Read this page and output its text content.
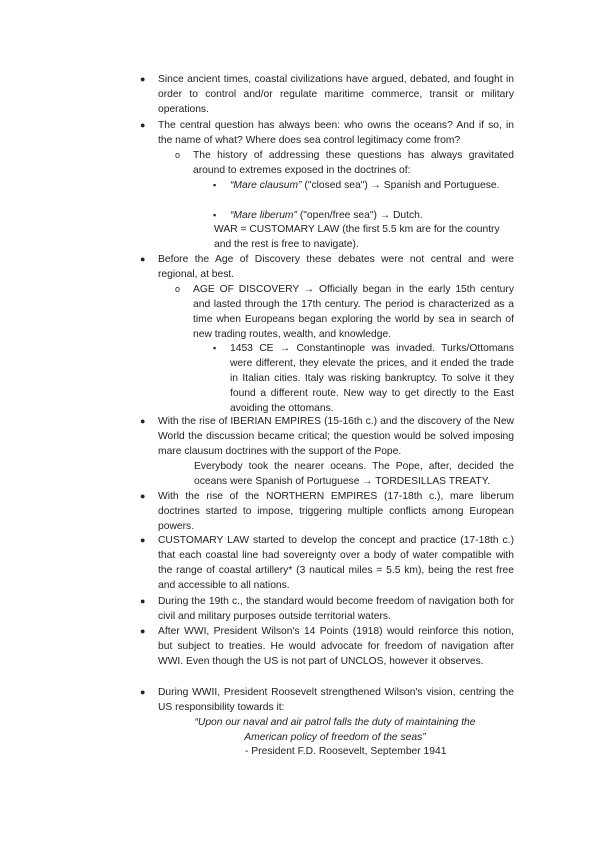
● Since ancient times, coastal civilizations have argued, debated, and fought in order to control and/or regulate maritime commerce, transit or military operations.
● The central question has always been: who owns the oceans? And if so, in the name of what? Where does sea control legitimacy come from?
o The history of addressing these questions has always gravitated around to extremes exposed in the doctrines of:
▪ “Mare clausum” ("closed sea") → Spanish and Portuguese.
▪ “Mare liberum” ("open/free sea") → Dutch.
WAR = CUSTOMARY LAW (the first 5.5 km are for the country and the rest is free to navigate).
● Before the Age of Discovery these debates were not central and were regional, at best.
o AGE OF DISCOVERY → Officially began in the early 15th century and lasted through the 17th century. The period is characterized as a time when Europeans began exploring the world by sea in search of new trading routes, wealth, and knowledge.
▪ 1453 CE → Constantinople was invaded. Turks/Ottomans were different, they elevate the prices, and it ended the trade in Italian cities. Italy was risking bankruptcy. To solve it they found a different route. New way to get directly to the East avoiding the ottomans.
● With the rise of IBERIAN EMPIRES (15-16th c.) and the discovery of the New World the discussion became critical; the question would be solved imposing mare clausum doctrines with the support of the Pope.
Everybody took the nearer oceans. The Pope, after, decided the oceans were Spanish of Portuguese → TORDESILLAS TREATY.
● With the rise of the NORTHERN EMPIRES (17-18th c.), mare liberum doctrines started to impose, triggering multiple conflicts among European powers.
● CUSTOMARY LAW started to develop the concept and practice (17-18th c.) that each coastal line had sovereignty over a body of water compatible with the range of coastal artillery* (3 nautical miles = 5.5 km), being the rest free and accessible to all nations.
● During the 19th c., the standard would become freedom of navigation both for civil and military purposes outside territorial waters.
● After WWI, President Wilson's 14 Points (1918) would reinforce this notion, but subject to treaties. He would advocate for freedom of navigation after WWI. Even though the US is not part of UNCLOS, however it observes.
● During WWII, President Roosevelt strengthened Wilson's vision, centring the US responsibility towards it:
“Upon our naval and air patrol falls the duty of maintaining the American policy of freedom of the seas”
- President F.D. Roosevelt, September 1941
